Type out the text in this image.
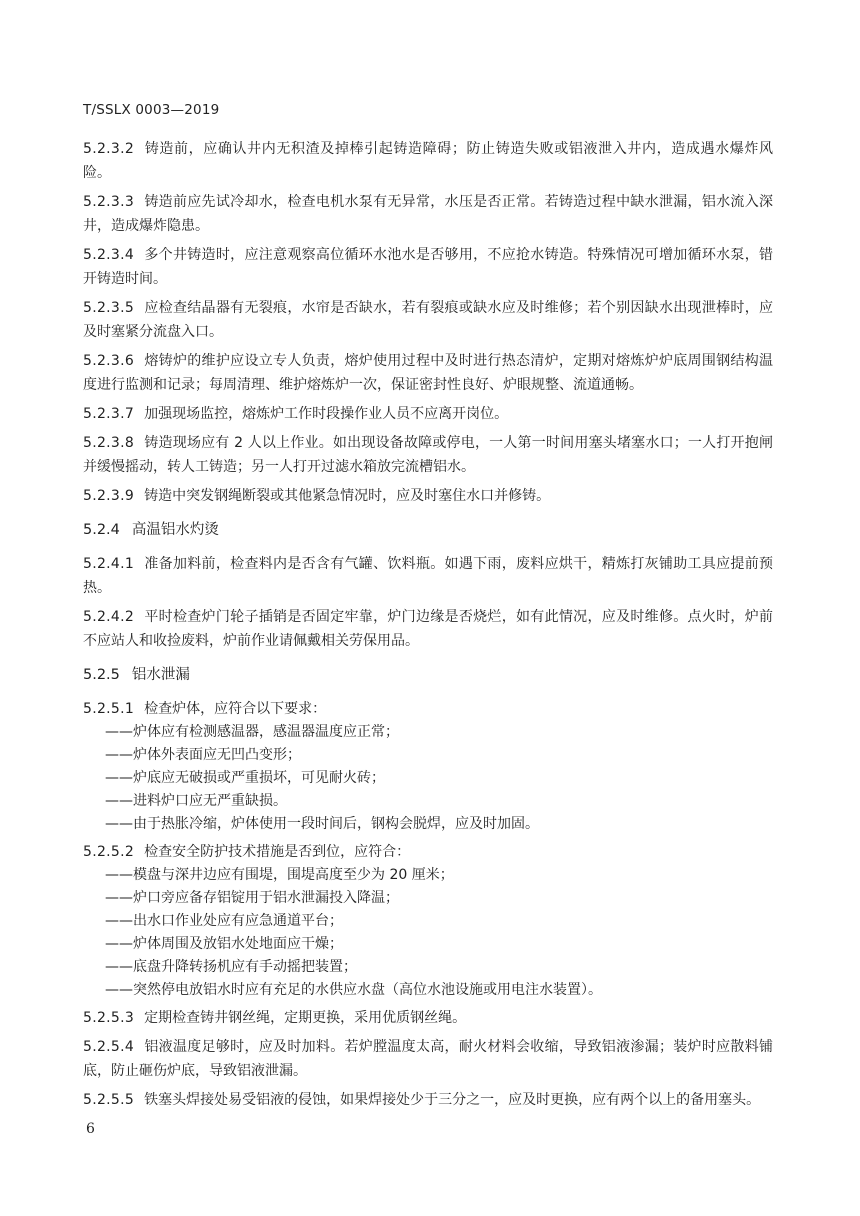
T/SSLX 0003—2019

5.2.3.2 铸造前，应确认井内无积渣及掉棒引起铸造障碍；防止铸造失败或铝液泄入井内，造成遇水爆炸风险。

5.2.3.3 铸造前应先试冷却水，检查电机水泵有无异常，水压是否正常。若铸造过程中缺水泄漏，铝水流入深井，造成爆炸隐患。

5.2.3.4 多个井铸造时，应注意观察高位循环水池水是否够用，不应抢水铸造。特殊情况可增加循环水泵，错开铸造时间。

5.2.3.5 应检查结晶器有无裂痕，水帘是否缺水，若有裂痕或缺水应及时维修；若个别因缺水出现泄棒时，应及时塞紧分流盘入口。

5.2.3.6 熔铸炉的维护应设立专人负责，熔炉使用过程中及时进行热态清炉，定期对熔炼炉炉底周围钢结构温度进行监测和记录；每周清理、维护熔炼炉一次，保证密封性良好、炉眼规整、流道通畅。

5.2.3.7 加强现场监控，熔炼炉工作时段操作业人员不应离开岗位。

5.2.3.8 铸造现场应有 2 人以上作业。如出现设备故障或停电，一人第一时间用塞头堵塞水口；一人打开抱闸并缓慢摇动，转人工铸造；另一人打开过滤水箱放完流槽铝水。

5.2.3.9 铸造中突发钢绳断裂或其他紧急情况时，应及时塞住水口并修铸。

5.2.4 高温铝水灼烫

5.2.4.1 准备加料前，检查料内是否含有气罐、饮料瓶。如遇下雨，废料应烘干，精炼打灰铺助工具应提前预热。

5.2.4.2 平时检查炉门轮子插销是否固定牢靠，炉门边缘是否烧烂，如有此情况，应及时维修。点火时，炉前不应站人和收捡废料，炉前作业请佩戴相关劳保用品。

5.2.5 铝水泄漏

5.2.5.1 检查炉体，应符合以下要求：

——炉体应有检测感温器，感温器温度应正常；
——炉体外表面应无凹凸变形；
——炉底应无破损或严重损坏，可见耐火砖；
——进料炉口应无严重缺损。
——由于热胀冷缩，炉体使用一段时间后，钢构会脱焊，应及时加固。

5.2.5.2 检查安全防护技术措施是否到位，应符合：

——模盘与深井边应有围堤，围堤高度至少为 20 厘米；
——炉口旁应备存铝锭用于铝水泄漏投入降温；
——出水口作业处应有应急通道平台；
——炉体周围及放铝水处地面应干燥；
——底盘升降转扬机应有手动摇把装置；
——突然停电放铝水时应有充足的水供应水盘（高位水池设施或用电注水装置）。

5.2.5.3 定期检查铸井钢丝绳，定期更换，采用优质钢丝绳。

5.2.5.4 铝液温度足够时，应及时加料。若炉膛温度太高，耐火材料会收缩，导致铝液渗漏；装炉时应散料铺底，防止砸伤炉底，导致铝液泄漏。

5.2.5.5 铁塞头焊接处易受铝液的侵蚀，如果焊接处少于三分之一，应及时更换，应有两个以上的备用塞头。

6
